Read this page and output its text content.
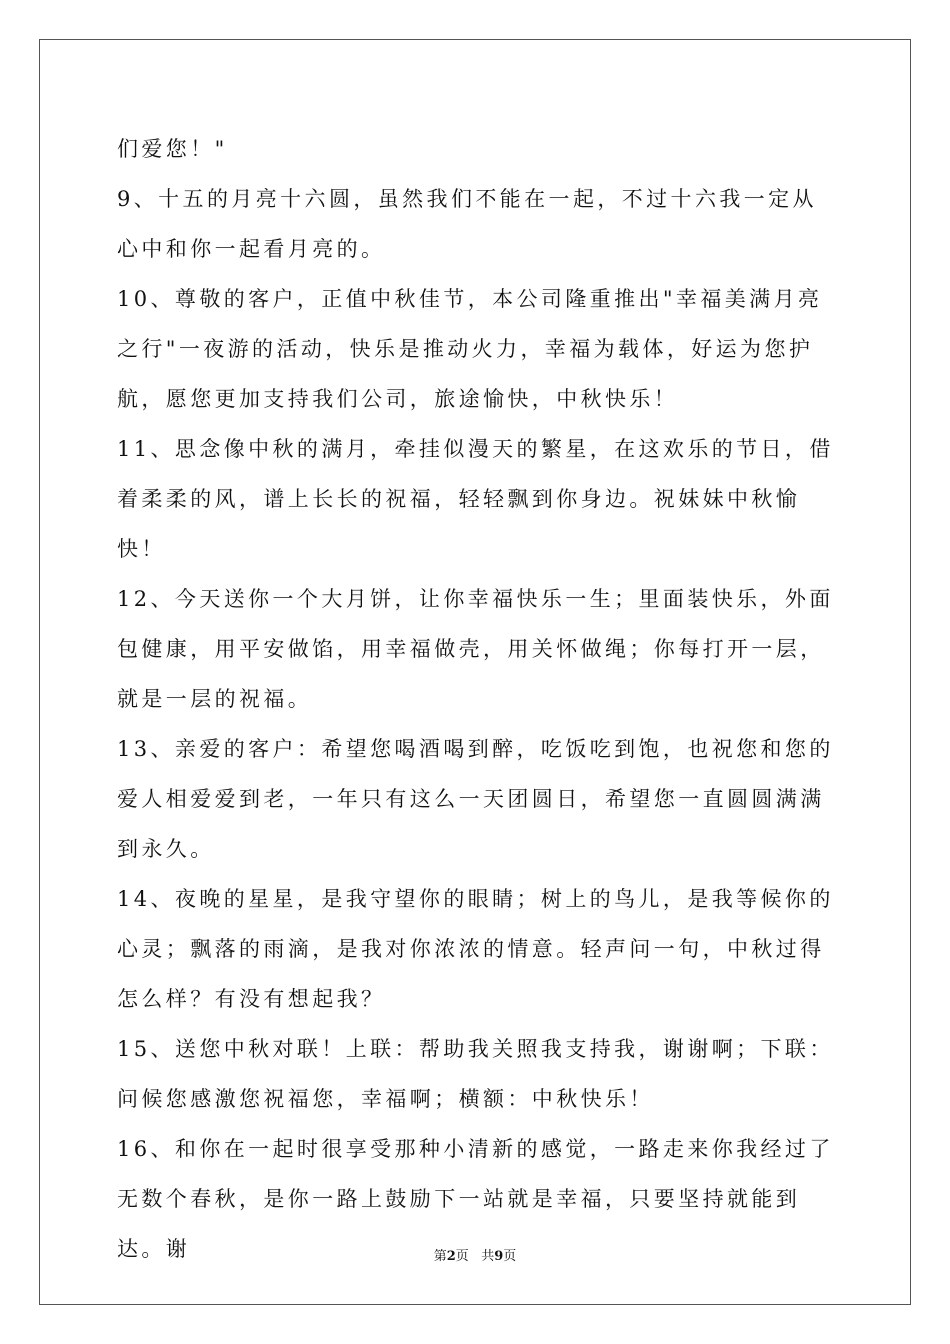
们爱您！"

9、十五的月亮十六圆，虽然我们不能在一起，不过十六我一定从心中和你一起看月亮的。

10、尊敬的客户，正值中秋佳节，本公司隆重推出"幸福美满月亮之行"一夜游的活动，快乐是推动火力，幸福为载体，好运为您护航，愿您更加支持我们公司，旅途愉快，中秋快乐！

11、思念像中秋的满月，牵挂似漫天的繁星，在这欢乐的节日，借着柔柔的风，谱上长长的祝福，轻轻飘到你身边。祝妹妹中秋愉快！

12、今天送你一个大月饼，让你幸福快乐一生；里面装快乐，外面包健康，用平安做馅，用幸福做壳，用关怀做绳；你每打开一层，就是一层的祝福。

13、亲爱的客户：希望您喝酒喝到醉，吃饭吃到饱，也祝您和您的爱人相爱爱到老，一年只有这么一天团圆日，希望您一直圆圆满满到永久。

14、夜晚的星星，是我守望你的眼睛；树上的鸟儿，是我等候你的心灵；飘落的雨滴，是我对你浓浓的情意。轻声问一句，中秋过得怎么样？有没有想起我？

15、送您中秋对联！上联：帮助我关照我支持我，谢谢啊；下联：问候您感激您祝福您，幸福啊；横额：中秋快乐！

16、和你在一起时很享受那种小清新的感觉，一路走来你我经过了无数个春秋，是你一路上鼓励下一站就是幸福，只要坚持就能到达。谢	第2页 共9页
